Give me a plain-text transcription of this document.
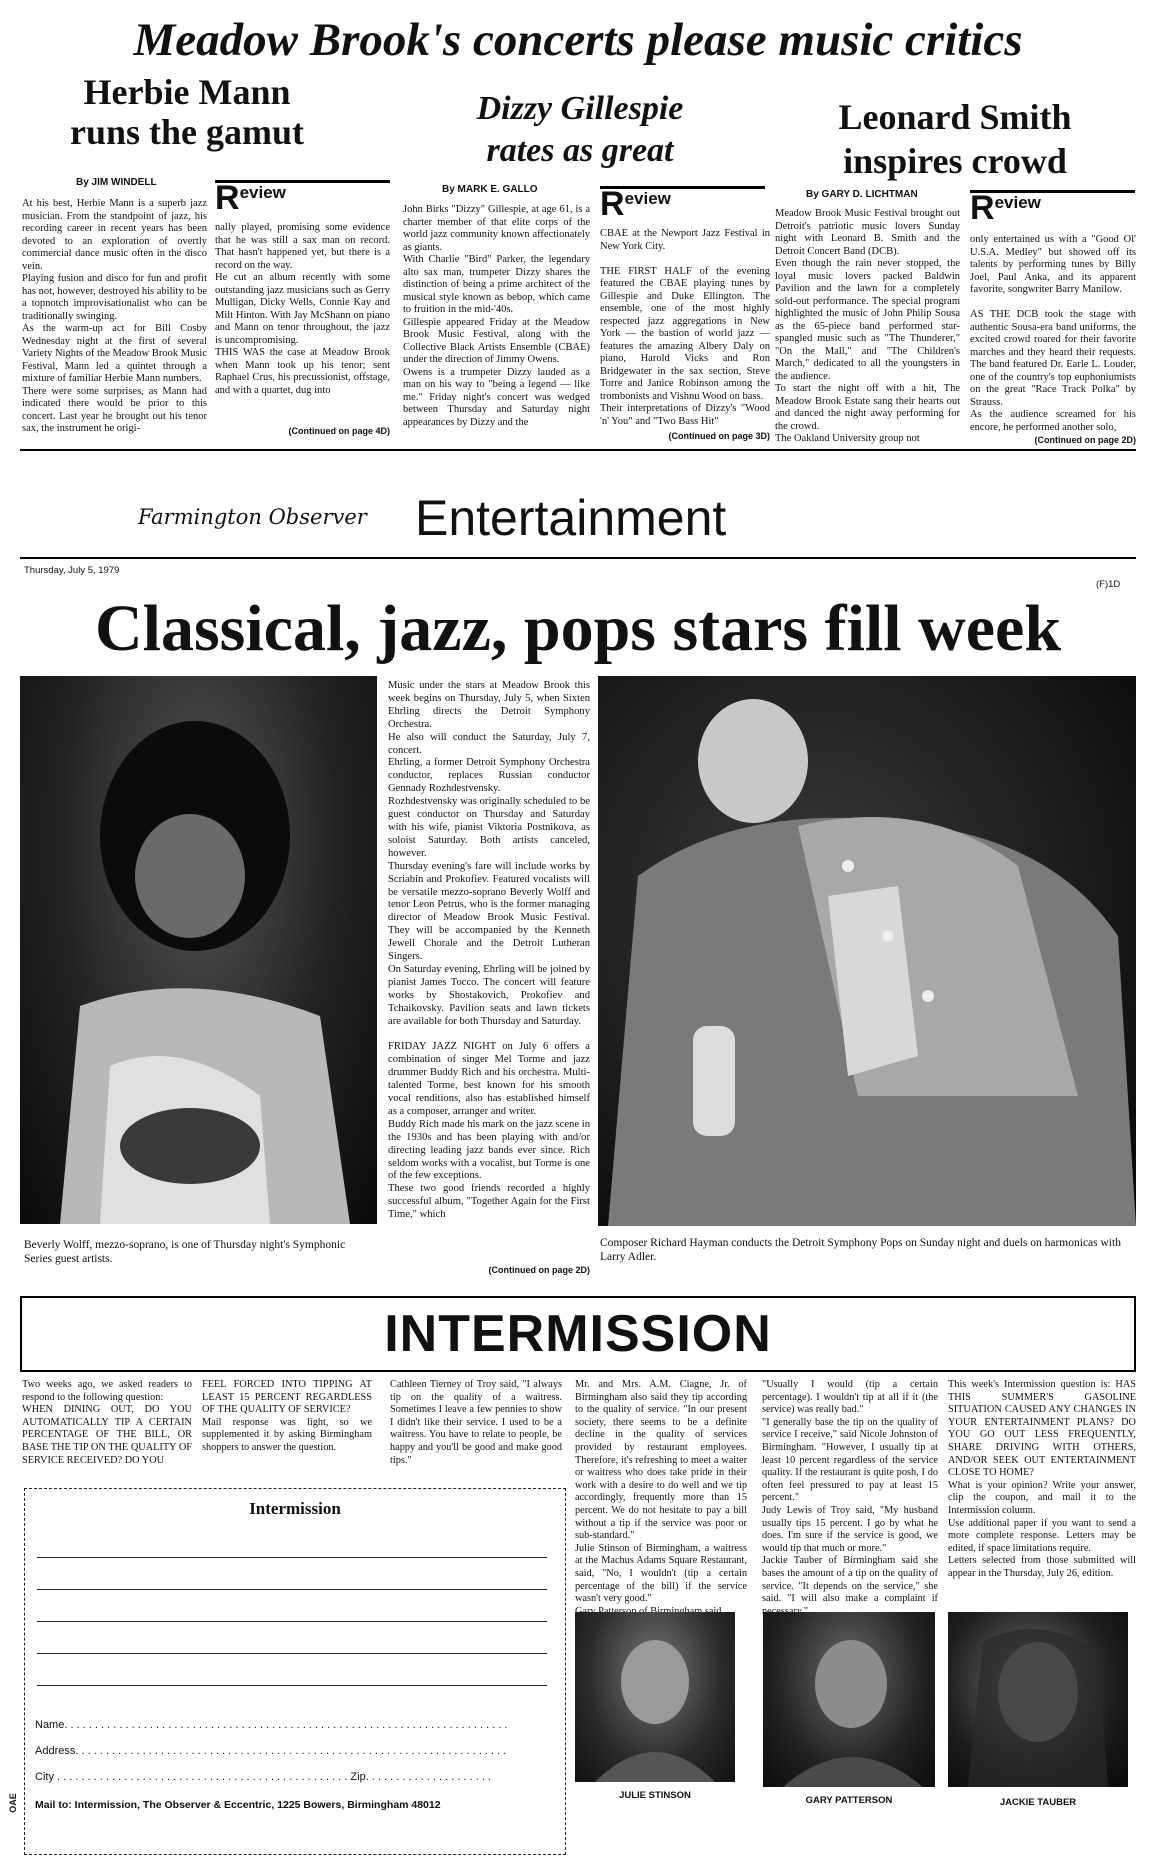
Meadow Brook's concerts please music critics
Herbie Mann
runs the gamut
By JIM WINDELL R eview
At his best, Herbie Mann is a superb jazz musician. From the standpoint of jazz, his recording career in recent years has been devoted to an exploration of overtly commercial dance music often in the disco vein.
Playing fusion and disco for fun and profit has not, however, destroyed his ability to be a topnotch improvisationalist who can be traditionally swinging.
As the warm-up act for Bill Cosby Wednesday night at the first of several Variety Nights of the Meadow Brook Music Festival, Mann led a quintet through a mixture of familiar Herbie Mann numbers.
There were some surprises, as Mann had indicated there would be prior to this concert. Last year he brought out his tenor sax, the instrument he origi-
nally played, promising some evidence that he was still a sax man on record. That hasn't happened yet, but there is a record on the way.
He cut an album recently with some outstanding jazz musicians such as Gerry Mulligan, Dicky Wells, Connie Kay and Milt Hinton. With Jay McShann on piano and Mann on tenor throughout, the jazz is uncompromising.
THIS WAS the case at Meadow Brook when Mann took up his tenor; sent Raphael Crus, his precussionist, offstage, and with a quartet, dug into
(Continued on page 4D)
Dizzy Gillespie
rates as great
By MARK E. GALLO R eview
John Birks "Dizzy" Gillespie, at age 61, is a charter member of that elite corps of the world jazz community known affectionately as giants.
With Charlie "Bird" Parker, the legendary alto sax man, trumpeter Dizzy shares the distinction of being a prime architect of the musical style known as bebop, which came to fruition in the mid-'40s.
Gillespie appeared Friday at the Meadow Brook Music Festival, along with the Collective Black Artists Ensemble (CBAE) under the direction of Jimmy Owens.
Owens is a trumpeter Dizzy lauded as a man on his way to "being a legend — like me." Friday night's concert was wedged between Thursday and Saturday night appearances by Dizzy and the
CBAE at the Newport Jazz Festival in New York City.

THE FIRST HALF of the evening featured the CBAE playing tunes by Gillespie and Duke Ellington. The ensemble, one of the most highly respected jazz aggregations in New York — the bastion of world jazz — features the amazing Albery Daly on piano, Harold Vicks and Ron Bridgewater in the sax section, Steve Torre and Janice Robinson among the trombonists and Vishnu Wood on bass.
Their interpretations of Dizzy's "Wood 'n' You" and "Two Bass Hit"
(Continued on page 3D)
Leonard Smith
inspires crowd
By GARY D. LICHTMAN R eview
Meadow Brook Music Festival brought out Detroit's patriotic music lovers Sunday night with Leonard B. Smith and the Detroit Concert Band (DCB).
Even though the rain never stopped, the loyal music lovers packed Baldwin Pavilion and the lawn for a completely sold-out performance. The special program highlighted the music of John Philip Sousa as the 65-piece band performed star-spangled music such as "The Thunderer," "On the Mall," and "The Children's March," dedicated to all the youngsters in the audience.
To start the night off with a hit, The Meadow Brook Estate sang their hearts out and danced the night away performing for the crowd.
The Oakland University group not
only entertained us with a "Good Ol' U.S.A. Medley" but showed off its talents by performing tunes by Billy Joel, Paul Anka, and its apparent favorite, songwriter Barry Manilow.

AS THE DCB took the stage with authentic Sousa-era band uniforms, the excited crowd roared for their favorite marches and they heard their requests. The band featured Dr. Earle L. Louder, one of the country's top euphoniumists on the great "Race Track Polka" by Strauss.
As the audience screamed for his encore, he performed another solo,
(Continued on page 2D)
Farmington Observer Entertainment
Thursday, July 5, 1979
(F)1D
Classical, jazz, pops stars fill week
Beverly Wolff, mezzo-soprano, is one of Thursday night's Symphonic Series guest artists.
Music under the stars at Meadow Brook this week begins on Thursday, July 5, when Sixten Ehrling directs the Detroit Symphony Orchestra.
He also will conduct the Saturday, July 7, concert.
Ehrling, a former Detroit Symphony Orchestra conductor, replaces Russian conductor Gennady Rozhdestvensky.
Rozhdestvensky was originally scheduled to be guest conductor on Thursday and Saturday with his wife, pianist Viktoria Postnikova, as soloist Saturday. Both artists canceled, however.
Thursday evening's fare will include works by Scriabin and Prokofiev. Featured vocalists will be versatile mezzo-soprano Beverly Wolff and tenor Leon Petrus, who is the former managing director of Meadow Brook Music Festival. They will be accompanied by the Kenneth Jewell Chorale and the Detroit Lutheran Singers.
On Saturday evening, Ehrling will be joined by pianist James Tocco. The concert will feature works by Shostakovich, Prokofiev and Tchaikovsky. Pavilion seats and lawn tickets are available for both Thursday and Saturday.

FRIDAY JAZZ NIGHT on July 6 offers a combination of singer Mel Torme and jazz drummer Buddy Rich and his orchestra. Multi-talented Torme, best known for his smooth vocal renditions, also has established himself as a composer, arranger and writer.
Buddy Rich made his mark on the jazz scene in the 1930s and has been playing with and/or directing leading jazz bands ever since. Rich seldom works with a vocalist, but Torme is one of the few exceptions.
These two good friends recorded a highly successful album, "Together Again for the First Time," which
(Continued on page 2D)
Composer Richard Hayman conducts the Detroit Symphony Pops on Sunday night and duels on harmonicas with Larry Adler.
INTERMISSION
Two weeks ago, we asked readers to respond to the following question:
WHEN DINING OUT, DO YOU AUTOMATICALLY TIP A CERTAIN PERCENTAGE OF THE BILL, OR BASE THE TIP ON THE QUALITY OF SERVICE RECEIVED? DO YOU
FEEL FORCED INTO TIPPING AT LEAST 15 PERCENT REGARDLESS OF THE QUALITY OF SERVICE?
Mail response was light, so we supplemented it by asking Birmingham shoppers to answer the question.
Cathleen Tierney of Troy said, "I always tip on the quality of a waitress. Sometimes I leave a few pennies to show I didn't like their service. I used to be a waitress. You have to relate to people, be happy and you'll be good and make good tips."
Mr. and Mrs. A.M. Ciagne, Jr. of Birmingham also said they tip according to the quality of service. "In our present society, there seems to be a definite decline in the quality of services provided by restaurant employees. Therefore, it's refreshing to meet a waiter or waitress who does take pride in their work with a desire to do well and we tip accordingly, frequently more than 15 percent. We do not hesitate to pay a bill without a tip if the service was poor or sub-standard."
Julie Stinson of Birmingham, a waitress at the Machus Adams Square Restaurant, said, "No, I wouldn't (tip a certain percentage of the bill) if the service wasn't very good."

"Usually I would (tip a certain percentage). I wouldn't tip at all if it (the service) was really bad."
"I generally base the tip on the quality of service I receive," said Nicole Johnston of Birmingham. "However, I usually tip at least 10 percent regardless of the service quality. If the restaurant is quite posh, I do often feel pressured to pay at least 15 percent."
Judy Lewis of Troy said, "My husband usually tips 15 percent. I go by what he does. I'm sure if the service is good, we would tip that much or more."
Jackie Tauber of Birmingham said she bases the amount of a tip on the quality of service. "It depends on the service," she said. "I will also make a complaint if
This week's Intermission question is: HAS THIS SUMMER'S GASOLINE SITUATION CAUSED ANY CHANGES IN YOUR ENTERTAINMENT PLANS? DO YOU GO OUT LESS FREQUENTLY, SHARE DRIVING WITH OTHERS, AND/OR SEEK OUT ENTERTAINMENT CLOSE TO HOME?
What is your opinion? Write your answer, clip the coupon, and mail it to the Intermission column.
Use additional paper if you want to send a more complete response. Letters may be edited, if space limitations require.
Letters selected from those submitted will appear in the Thursday, July 26, edition.
Intermission
Name. . . . . . . . . . . . . . . . . . . . . . . . . . . . . . . . . . . . . . . . . . . . . . . . . . . . . . . . . . . . . . . . . . . . . . . . .
Address. . . . . . . . . . . . . . . . . . . . . . . . . . . . . . . . . . . . . . . . . . . . . . . . . . . . . . . . . . . . . . . . . . . . . . .
City . . . . . . . . . . . . . . . . . . . . . . . . . . . . . . . . . . . . . . . . . . . . . . . . Zip. . . . . . . . . . . . . . . . . . . . .
Mail to: Intermission, The Observer & Eccentric, 1225 Bowers, Birmingham 48012
OAE	JULIE STINSON	GARY PATTERSON	JACKIE TAUBER
